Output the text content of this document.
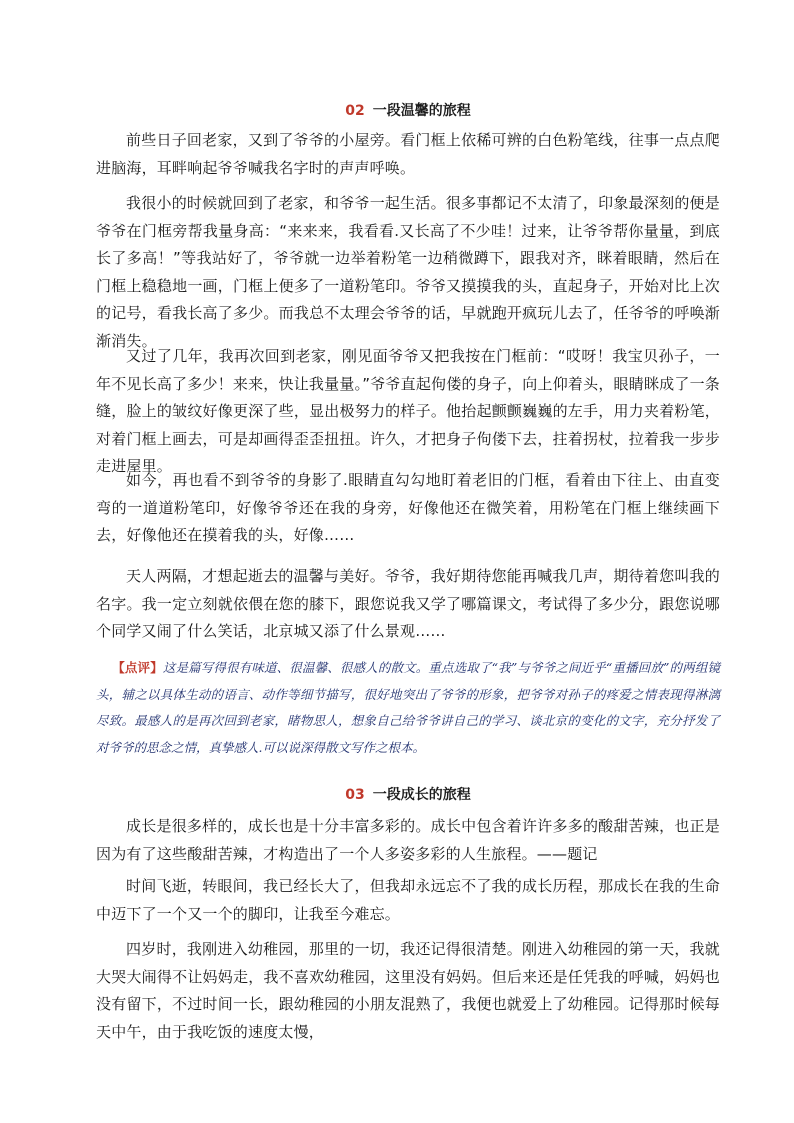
02 一段温馨的旅程

前些日子回老家，又到了爷爷的小屋旁。看门框上依稀可辨的白色粉笔线，往事一点点爬进脑海，耳畔响起爷爷喊我名字时的声声呼唤。

我很小的时候就回到了老家，和爷爷一起生活。很多事都记不太清了，印象最深刻的便是爷爷在门框旁帮我量身高：“来来来，我看看.又长高了不少哇！过来，让爷爷帮你量量，到底长了多高！”等我站好了，爷爷就一边举着粉笔一边稍微蹲下，跟我对齐，眯着眼睛，然后在门框上稳稳地一画，门框上便多了一道粉笔印。爷爷又摸摸我的头，直起身子，开始对比上次的记号，看我长高了多少。而我总不太理会爷爷的话，早就跑开疯玩儿去了，任爷爷的呼唤渐渐消失。

又过了几年，我再次回到老家，刚见面爷爷又把我按在门框前：“哎呀！我宝贝孙子，一年不见长高了多少！来来，快让我量量。”爷爷直起佝偻的身子，向上仰着头，眼睛眯成了一条缝，脸上的皱纹好像更深了些，显出极努力的样子。他抬起颤颤巍巍的左手，用力夹着粉笔，对着门框上画去，可是却画得歪歪扭扭。许久，才把身子佝偻下去，拄着拐杖，拉着我一步步走进屋里。

如今，再也看不到爷爷的身影了.眼睛直勾勾地盯着老旧的门框，看着由下往上、由直变弯的一道道粉笔印，好像爷爷还在我的身旁，好像他还在微笑着，用粉笔在门框上继续画下去，好像他还在摸着我的头，好像……

天人两隔，才想起逝去的温馨与美好。爷爷，我好期待您能再喊我几声，期待着您叫我的名字。我一定立刻就依偎在您的膝下，跟您说我又学了哪篇课文，考试得了多少分，跟您说哪个同学又闹了什么笑话，北京城又添了什么景观……

【点评】这是篇写得很有味道、很温馨、很感人的散文。重点选取了“我”与爷爷之间近乎“重播回放”的两组镜头，辅之以具体生动的语言、动作等细节描写，很好地突出了爷爷的形象，把爷爷对孙子的疼爱之情表现得淋漓尽致。最感人的是再次回到老家，睹物思人，想象自己给爷爷讲自己的学习、谈北京的变化的文字，充分抒发了对爷爷的思念之情，真挚感人.可以说深得散文写作之根本。

03 一段成长的旅程

成长是很多样的，成长也是十分丰富多彩的。成长中包含着许许多多的酸甜苦辣，也正是因为有了这些酸甜苦辣，才构造出了一个人多姿多彩的人生旅程。——题记

时间飞逝，转眼间，我已经长大了，但我却永远忘不了我的成长历程，那成长在我的生命中迈下了一个又一个的脚印，让我至今难忘。

四岁时，我刚进入幼稚园，那里的一切，我还记得很清楚。刚进入幼稚园的第一天，我就大哭大闹得不让妈妈走，我不喜欢幼稚园，这里没有妈妈。但后来还是任凭我的呼喊，妈妈也没有留下，不过时间一长，跟幼稚园的小朋友混熟了，我便也就爱上了幼稚园。记得那时候每天中午，由于我吃饭的速度太慢，
